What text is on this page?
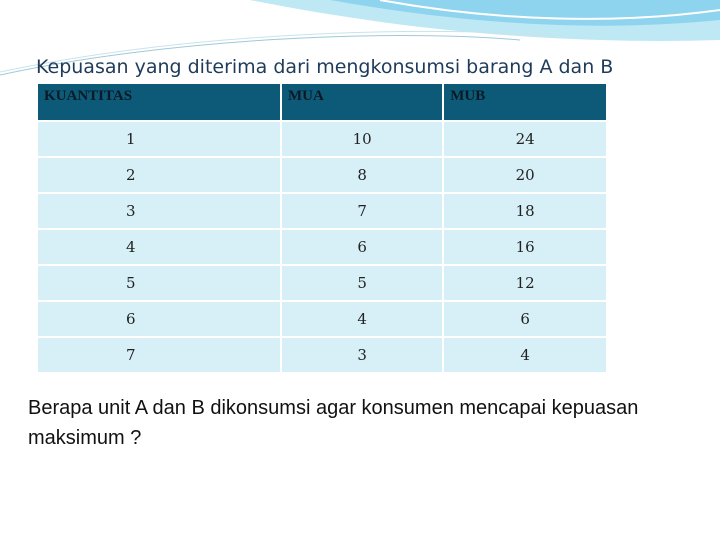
Kepuasan yang diterima dari mengkonsumsi barang A dan B
KUANTITAS	MUA	MUB
1	10	24
2	8	20
3	7	18
4	6	16
5	5	12
6	4	6
7	3	4
Berapa unit A dan B dikonsumsi agar konsumen mencapai kepuasan maksimum ?
